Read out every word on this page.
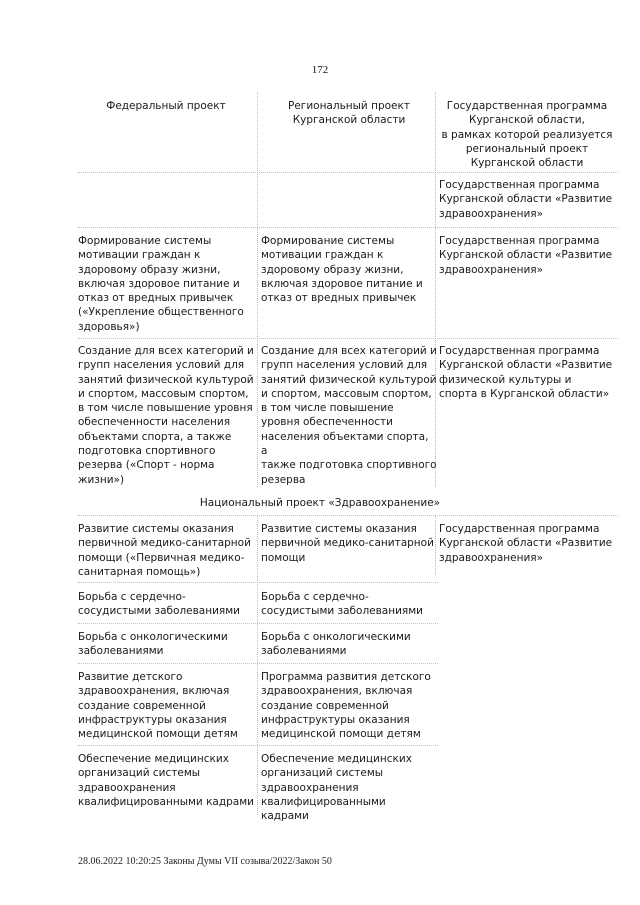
172
Федеральный проект	Региональный проект
Курганской области
Государственная программа
Курганской области,
в рамках которой реализуется
региональный проект
Курганской области
Государственная программа
Курганской области «Развитие
здравоохранения»
Формирование системы
мотивации граждан к
здоровому образу жизни,
включая здоровое питание и
отказ от вредных привычек
(«Укрепление общественного
здоровья»)
Формирование системы
мотивации граждан к
здоровому образу жизни,
включая здоровое питание и
отказ от вредных привычек
Государственная программа
Курганской области «Развитие
здравоохранения»
Создание для всех категорий и
групп населения условий для
занятий физической культурой
и спортом, массовым спортом,
в том числе повышение уровня
обеспеченности населения
объектами спорта, а также
подготовка спортивного
резерва («Спорт - норма
жизни»)
Создание для всех категорий и
групп населения условий для
занятий физической культурой
и спортом, массовым спортом,
в том числе повышение
уровня обеспеченности
населения объектами спорта, а
также подготовка спортивного
резерва
Государственная программа
Курганской области «Развитие
физической культуры и
спорта в Курганской области»
Национальный проект «Здравоохранение»
Развитие системы оказания
первичной медико-санитарной
помощи («Первичная медико-
санитарная помощь»)
Развитие системы оказания
первичной медико-санитарной
помощи
Государственная программа
Курганской области «Развитие
здравоохранения»
Борьба с сердечно-
сосудистыми заболеваниями
Борьба с сердечно-
сосудистыми заболеваниями
Борьба с онкологическими
заболеваниями
Борьба с онкологическими
заболеваниями
Развитие детского
здравоохранения, включая
создание современной
инфраструктуры оказания
медицинской помощи детям
Программа развития детского
здравоохранения, включая
создание современной
инфраструктуры оказания
медицинской помощи детям
Обеспечение медицинских
организаций системы
здравоохранения
квалифицированными кадрами
Обеспечение медицинских
организаций системы
здравоохранения
квалифицированными
кадрами
28.06.2022 10:20:25 Законы Думы VII созыва/2022/Закон 50
